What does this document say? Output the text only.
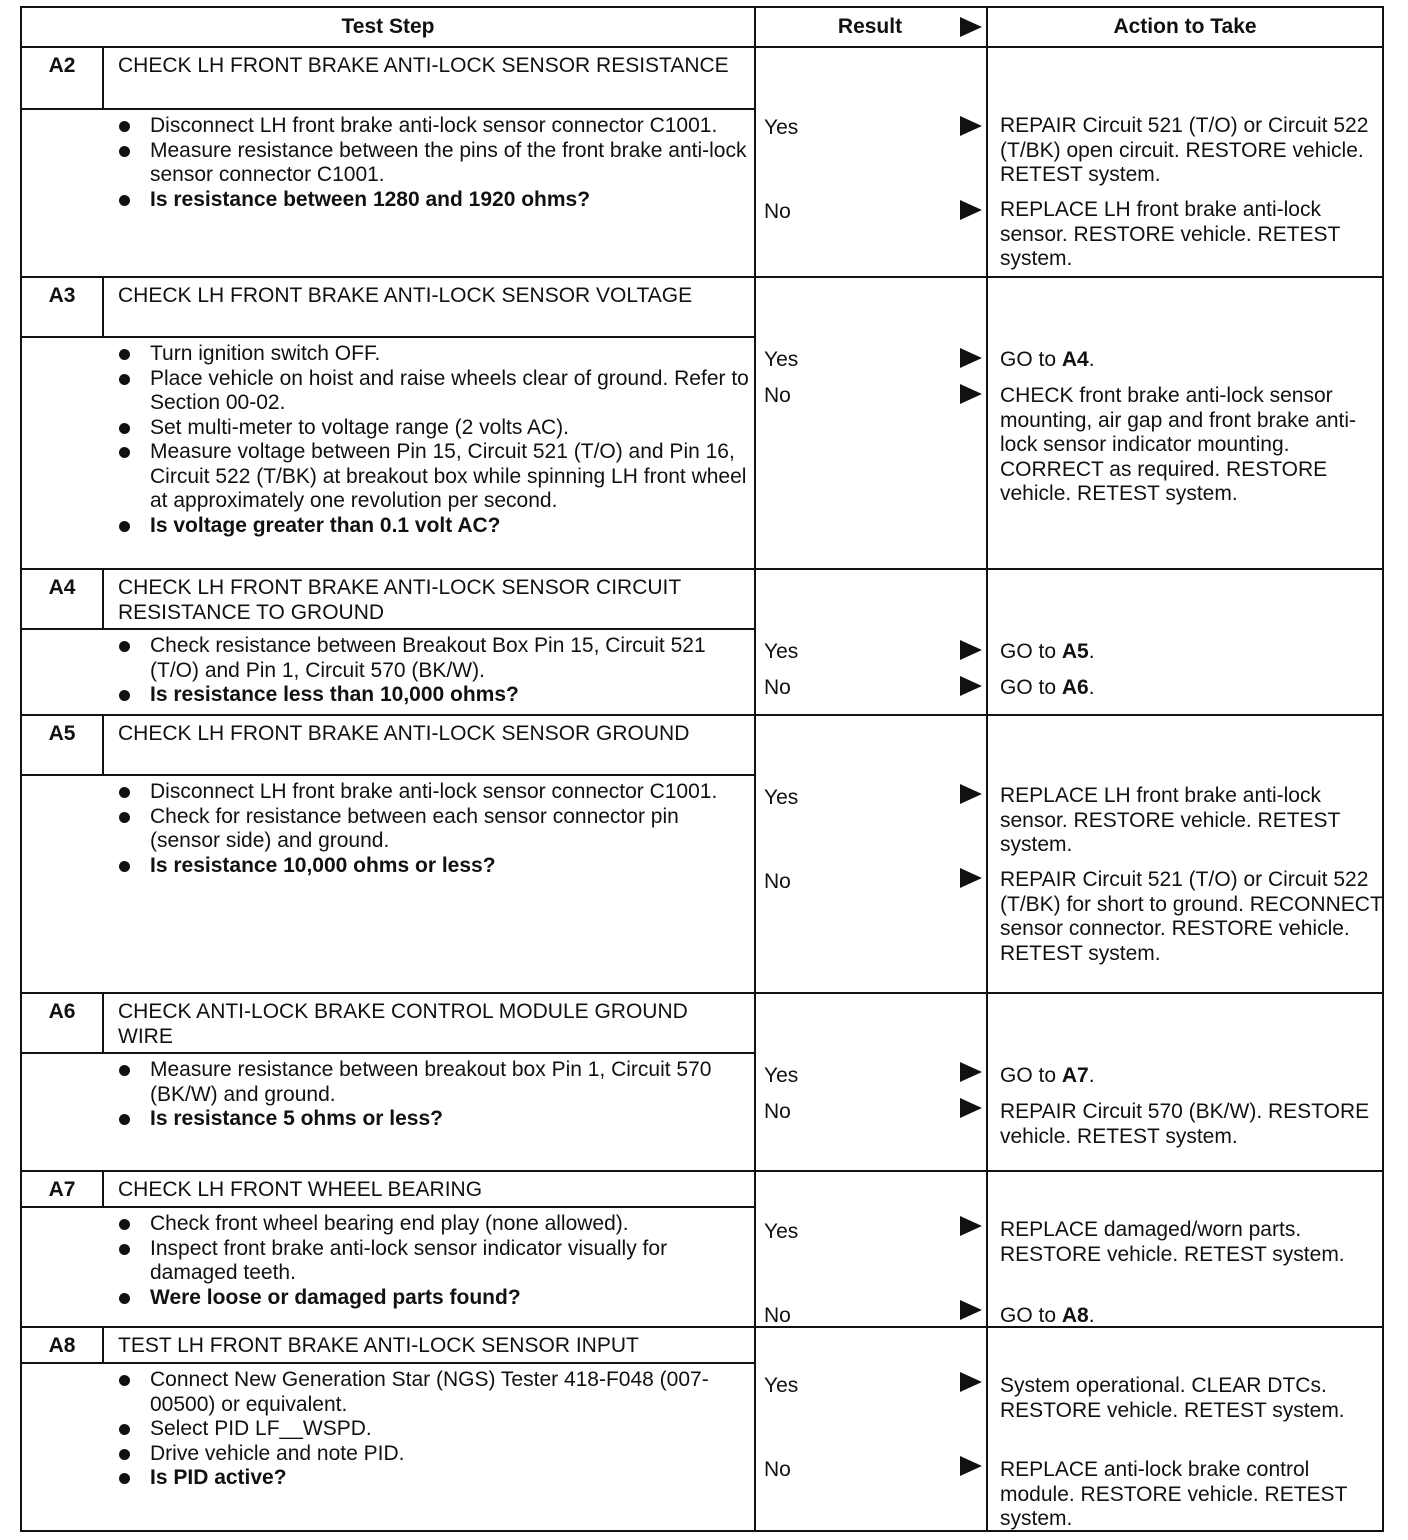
Test Step	Result	Action to Take
A2	CHECK LH FRONT BRAKE ANTI-LOCK SENSOR RESISTANCE
Disconnect LH front brake anti-lock sensor connector C1001.
Measure resistance between the pins of the front brake anti-lock sensor connector C1001.
Is resistance between 1280 and 1920 ohms?
Yes	REPAIR Circuit 521 (T/O) or Circuit 522 (T/BK) open circuit. RESTORE vehicle. RETEST system.
No	REPLACE LH front brake anti-lock sensor. RESTORE vehicle. RETEST system.
A3	CHECK LH FRONT BRAKE ANTI-LOCK SENSOR VOLTAGE
Turn ignition switch OFF.
Place vehicle on hoist and raise wheels clear of ground. Refer to Section 00-02.
Set multi-meter to voltage range (2 volts AC).
Measure voltage between Pin 15, Circuit 521 (T/O) and Pin 16, Circuit 522 (T/BK) at breakout box while spinning LH front wheel at approximately one revolution per second.
Is voltage greater than 0.1 volt AC?
Yes	GO to A4.
No	CHECK front brake anti-lock sensor mounting, air gap and front brake anti-lock sensor indicator mounting. CORRECT as required. RESTORE vehicle. RETEST system.
A4	CHECK LH FRONT BRAKE ANTI-LOCK SENSOR CIRCUIT RESISTANCE TO GROUND
Check resistance between Breakout Box Pin 15, Circuit 521 (T/O) and Pin 1, Circuit 570 (BK/W).
Is resistance less than 10,000 ohms?
Yes	GO to A5.
No	GO to A6.
A5	CHECK LH FRONT BRAKE ANTI-LOCK SENSOR GROUND
Disconnect LH front brake anti-lock sensor connector C1001.
Check for resistance between each sensor connector pin (sensor side) and ground.
Is resistance 10,000 ohms or less?
Yes	REPLACE LH front brake anti-lock sensor. RESTORE vehicle. RETEST system.
No	REPAIR Circuit 521 (T/O) or Circuit 522 (T/BK) for short to ground. RECONNECT sensor connector. RESTORE vehicle. RETEST system.
A6	CHECK ANTI-LOCK BRAKE CONTROL MODULE GROUND WIRE
Measure resistance between breakout box Pin 1, Circuit 570 (BK/W) and ground.
Is resistance 5 ohms or less?
Yes	GO to A7.
No	REPAIR Circuit 570 (BK/W). RESTORE vehicle. RETEST system.
A7	CHECK LH FRONT WHEEL BEARING
Check front wheel bearing end play (none allowed).
Inspect front brake anti-lock sensor indicator visually for damaged teeth.
Were loose or damaged parts found?
Yes	REPLACE damaged/worn parts. RESTORE vehicle. RETEST system.
No	GO to A8.
A8	TEST LH FRONT BRAKE ANTI-LOCK SENSOR INPUT
Connect New Generation Star (NGS) Tester 418-F048 (007-00500) or equivalent.
Select PID LF__WSPD.
Drive vehicle and note PID.
Is PID active?
Yes	System operational. CLEAR DTCs. RESTORE vehicle. RETEST system.
No	REPLACE anti-lock brake control module. RESTORE vehicle. RETEST system.
